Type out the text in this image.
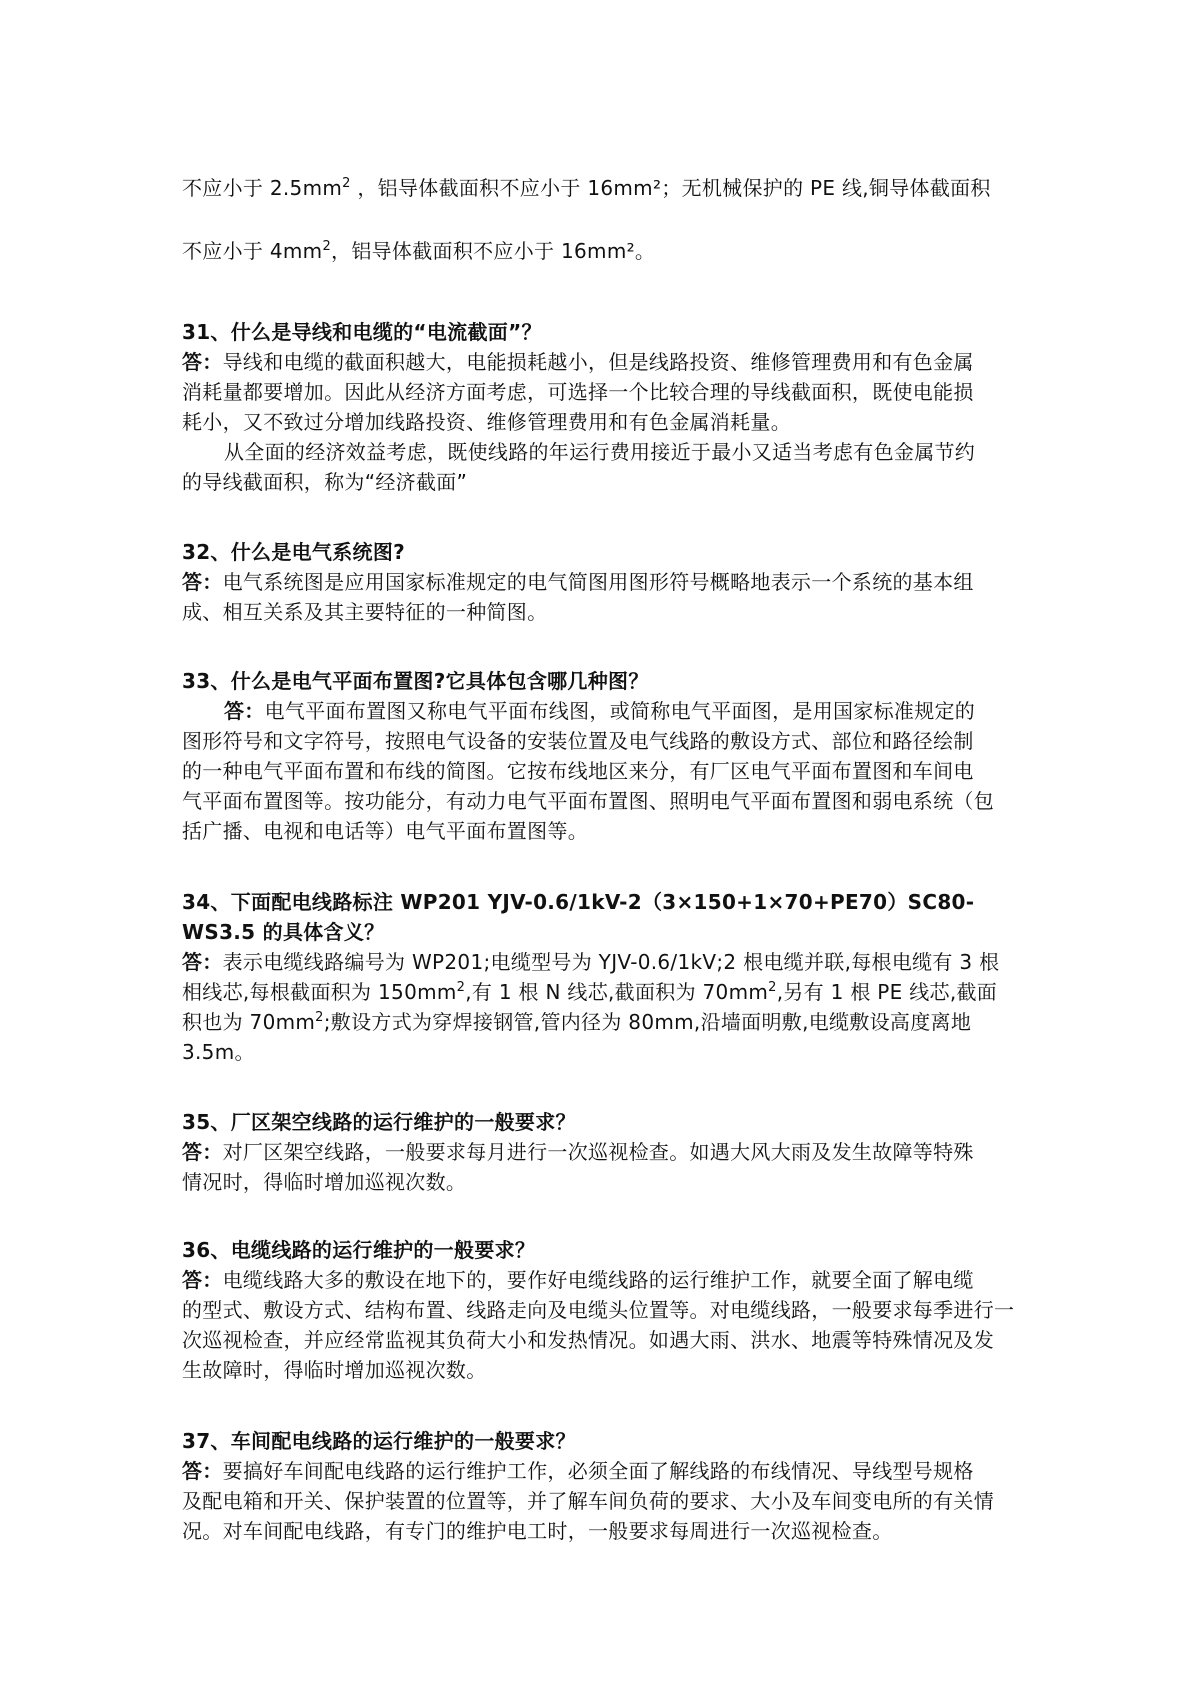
不应小于 $2.5mm^2$ ，铝导体截面积不应小于 16mm²；无机械保护的 PE 线,铜导体截面积
不应小于 $4mm^2$，铝导体截面积不应小于 16mm²。
31、什么是导线和电缆的“电流截面”？
答：导线和电缆的截面积越大，电能损耗越小，但是线路投资、维修管理费用和有色金属
消耗量都要增加。因此从经济方面考虑，可选择一个比较合理的导线截面积，既使电能损
耗小，又不致过分增加线路投资、维修管理费用和有色金属消耗量。
从全面的经济效益考虑，既使线路的年运行费用接近于最小又适当考虑有色金属节约
的导线截面积，称为“经济截面”
32、什么是电气系统图?
答：电气系统图是应用国家标准规定的电气简图用图形符号概略地表示一个系统的基本组
成、相互关系及其主要特征的一种简图。
33、什么是电气平面布置图?它具体包含哪几种图？
答：电气平面布置图又称电气平面布线图，或简称电气平面图，是用国家标准规定的
图形符号和文字符号，按照电气设备的安装位置及电气线路的敷设方式、部位和路径绘制
的一种电气平面布置和布线的简图。它按布线地区来分，有厂区电气平面布置图和车间电
气平面布置图等。按功能分，有动力电气平面布置图、照明电气平面布置图和弱电系统（包
括广播、电视和电话等）电气平面布置图等。
34、下面配电线路标注 WP201 YJV-0.6/1kV-2（3×150+1×70+PE70）SC80-
WS3.5 的具体含义？
答：表示电缆线路编号为 WP201;电缆型号为 YJV-0.6/1kV;2 根电缆并联,每根电缆有 3 根
相线芯,每根截面积为 $150mm^2$,有 1 根 N 线芯,截面积为 $70mm^2$,另有 1 根 PE 线芯,截面
积也为 $70mm^2$;敷设方式为穿焊接钢管,管内径为 80mm,沿墙面明敷,电缆敷设高度离地
3.5m。
35、厂区架空线路的运行维护的一般要求？
答：对厂区架空线路，一般要求每月进行一次巡视检查。如遇大风大雨及发生故障等特殊
情况时，得临时增加巡视次数。
36、电缆线路的运行维护的一般要求？
答：电缆线路大多的敷设在地下的，要作好电缆线路的运行维护工作，就要全面了解电缆
的型式、敷设方式、结构布置、线路走向及电缆头位置等。对电缆线路，一般要求每季进行一
次巡视检查，并应经常监视其负荷大小和发热情况。如遇大雨、洪水、地震等特殊情况及发
生故障时，得临时增加巡视次数。
37、车间配电线路的运行维护的一般要求？
答：要搞好车间配电线路的运行维护工作，必须全面了解线路的布线情况、导线型号规格
及配电箱和开关、保护装置的位置等，并了解车间负荷的要求、大小及车间变电所的有关情
况。对车间配电线路，有专门的维护电工时，一般要求每周进行一次巡视检查。
